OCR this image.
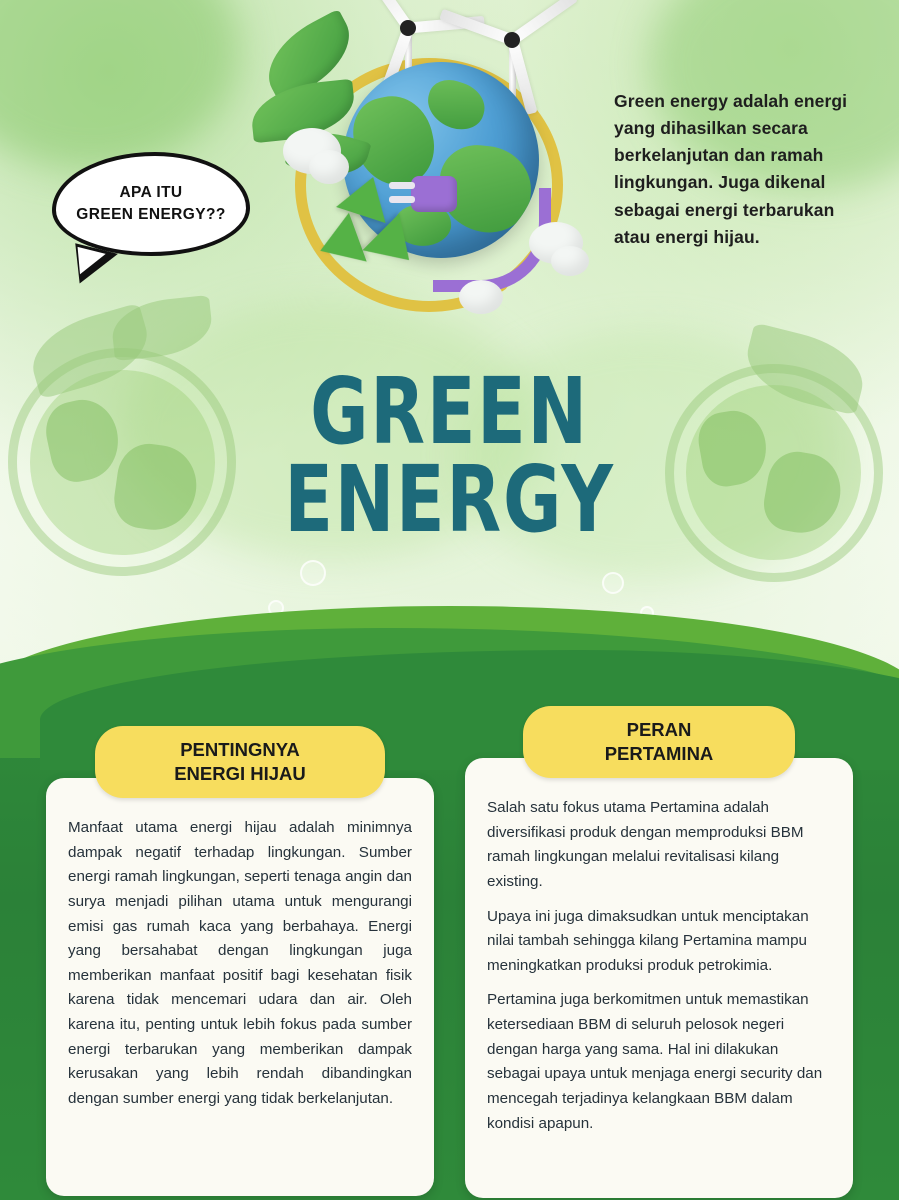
APA ITU
GREEN ENERGY??
Green energy adalah energi yang dihasilkan secara berkelanjutan dan ramah lingkungan. Juga dikenal sebagai energi terbarukan atau energi hijau.
GREEN
ENERGY
PENTINGNYA
ENERGI HIJAU

Manfaat utama energi hijau adalah minimnya dampak negatif terhadap lingkungan. Sumber energi ramah lingkungan, seperti tenaga angin dan surya menjadi pilihan utama untuk mengurangi emisi gas rumah kaca yang berbahaya. Energi yang bersahabat dengan lingkungan juga memberikan manfaat positif bagi kesehatan fisik karena tidak mencemari udara dan air. Oleh karena itu, penting untuk lebih fokus pada sumber energi terbarukan yang memberikan dampak kerusakan yang lebih rendah dibandingkan dengan sumber energi yang tidak berkelanjutan.

PERAN
PERTAMINA

Salah satu fokus utama Pertamina adalah diversifikasi produk dengan memproduksi BBM ramah lingkungan melalui revitalisasi kilang existing.

Upaya ini juga dimaksudkan untuk menciptakan nilai tambah sehingga kilang Pertamina mampu meningkatkan produksi produk petrokimia.

Pertamina juga berkomitmen untuk memastikan ketersediaan BBM di seluruh pelosok negeri dengan harga yang sama. Hal ini dilakukan sebagai upaya untuk menjaga energi security dan mencegah terjadinya kelangkaan BBM dalam kondisi apapun.
